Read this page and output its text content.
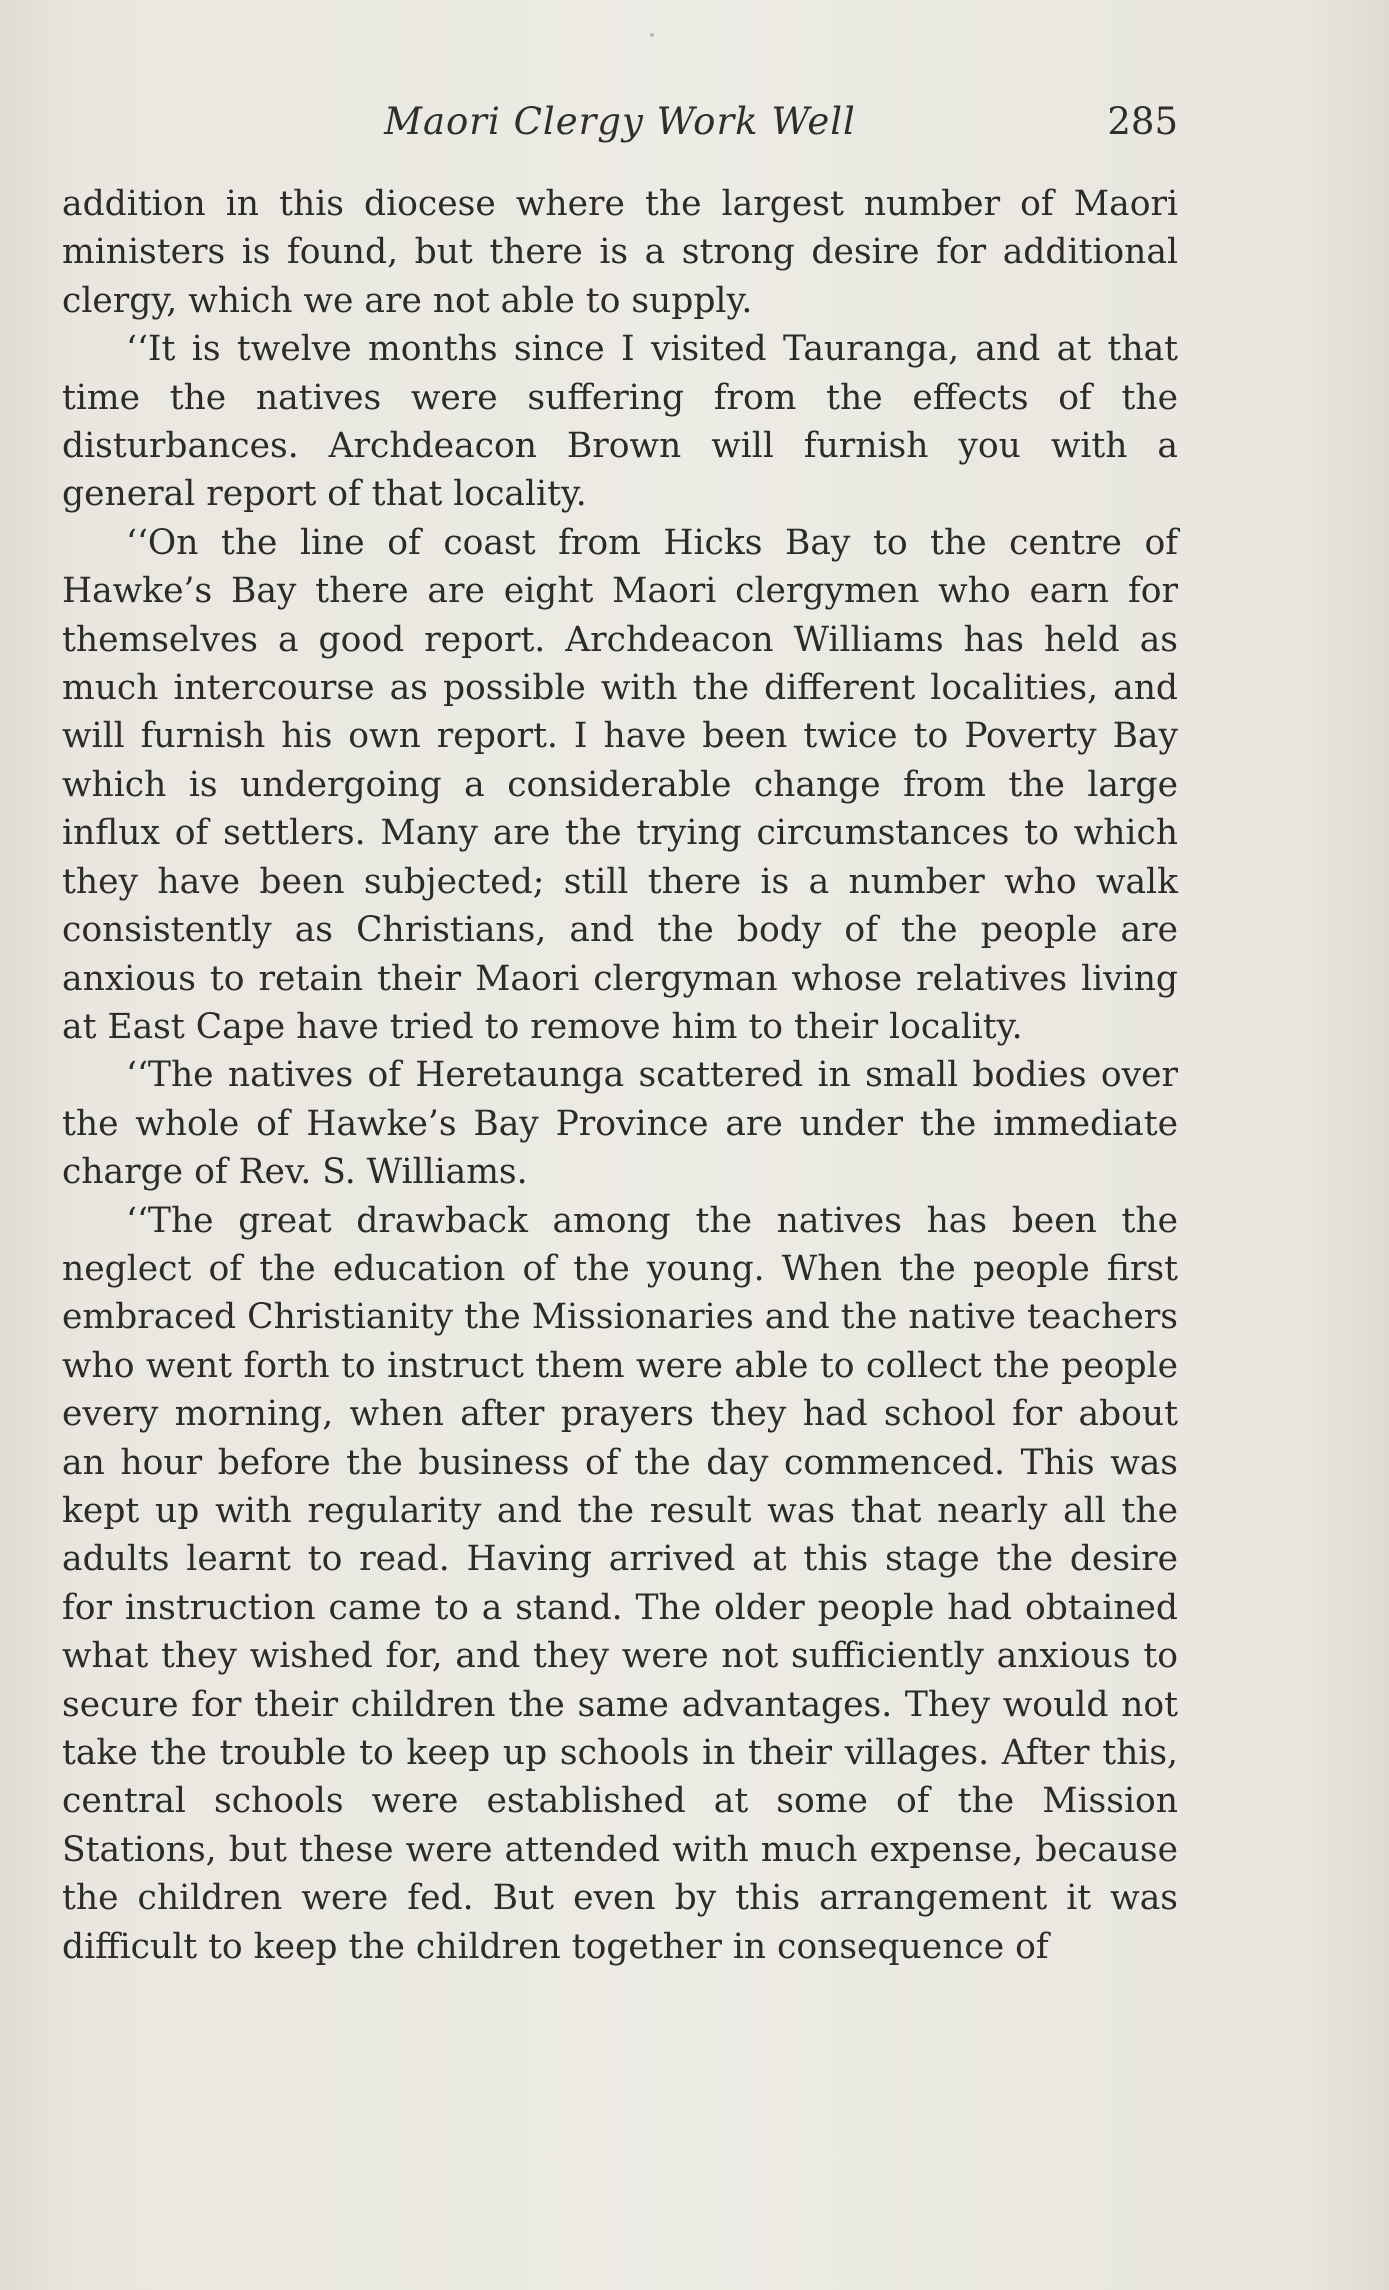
Maori Clergy Work Well	285

addition in this diocese where the largest number of Maori ministers is found, but there is a strong desire for additional clergy, which we are not able to supply.

‘‘It is twelve months since I visited Tauranga, and at that time the natives were suffering from the effects of the disturbances. Archdeacon Brown will furnish you with a general report of that locality.

‘‘On the line of coast from Hicks Bay to the centre of Hawke’s Bay there are eight Maori clergymen who earn for themselves a good report. Archdeacon Williams has held as much intercourse as possible with the different localities, and will furnish his own report. I have been twice to Poverty Bay which is undergoing a considerable change from the large influx of settlers. Many are the trying circumstances to which they have been subjected; still there is a number who walk consistently as Christians, and the body of the people are anxious to retain their Maori clergyman whose relatives living at East Cape have tried to remove him to their locality.

‘‘The natives of Heretaunga scattered in small bodies over the whole of Hawke’s Bay Province are under the immediate charge of Rev. S. Williams.

‘‘The great drawback among the natives has been the neglect of the education of the young. When the people first embraced Christianity the Missionaries and the native teachers who went forth to instruct them were able to collect the people every morning, when after prayers they had school for about an hour before the business of the day commenced. This was kept up with regularity and the result was that nearly all the adults learnt to read. Having arrived at this stage the desire for instruction came to a stand. The older people had obtained what they wished for, and they were not sufficiently anxious to secure for their children the same advantages. They would not take the trouble to keep up schools in their villages. After this, central schools were established at some of the Mission Stations, but these were attended with much expense, because the children were fed. But even by this arrangement it was difficult to keep the children together in consequence of
